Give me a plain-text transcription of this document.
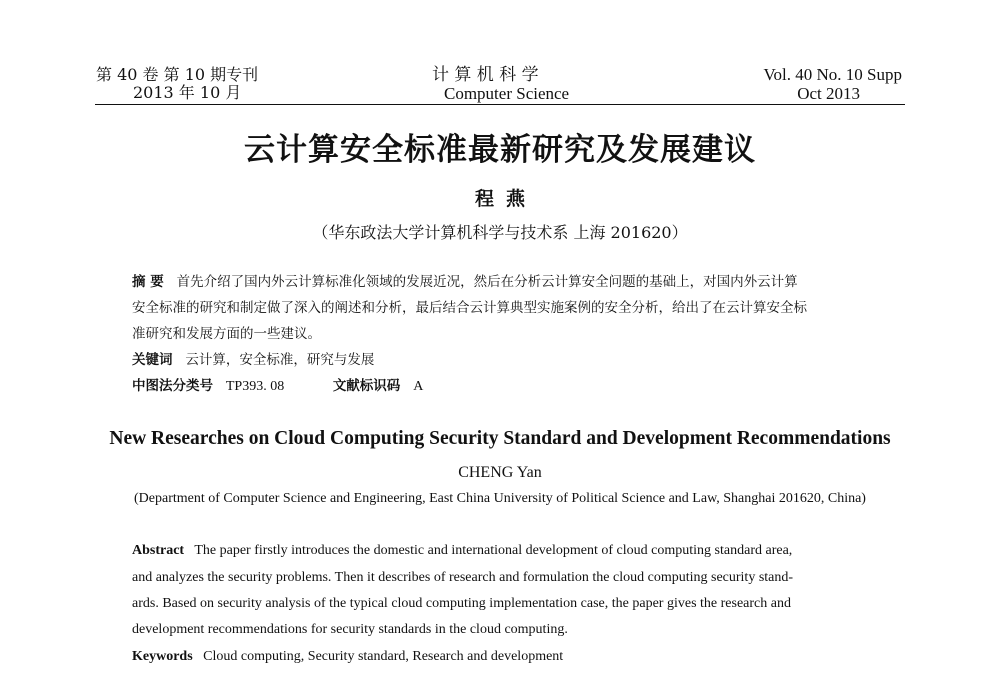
第 40 卷 第 10 期专刊
2013 年 10 月
计 算 机 科 学
Computer Science
Vol. 40 No. 10 Supp
Oct 2013
云计算安全标准最新研究及发展建议
程燕
（华东政法大学计算机科学与技术系 上海 201620）
摘 要 首先介绍了国内外云计算标准化领域的发展近况，然后在分析云计算安全问题的基础上，对国内外云计算
安全标准的研究和制定做了深入的阐述和分析，最后结合云计算典型实施案例的安全分析，给出了在云计算安全标
准研究和发展方面的一些建议。
关键词 云计算，安全标准，研究与发展
中图法分类号 TP393. 08	文献标识码 A
New Researches on Cloud Computing Security Standard and Development Recommendations
CHENG Yan
(Department of Computer Science and Engineering, East China University of Political Science and Law, Shanghai 201620, China)
Abstract The paper firstly introduces the domestic and international development of cloud computing standard area,
and analyzes the security problems. Then it describes of research and formulation the cloud computing security stand-
ards. Based on security analysis of the typical cloud computing implementation case, the paper gives the research and
development recommendations for security standards in the cloud computing.
Keywords Cloud computing, Security standard, Research and development
